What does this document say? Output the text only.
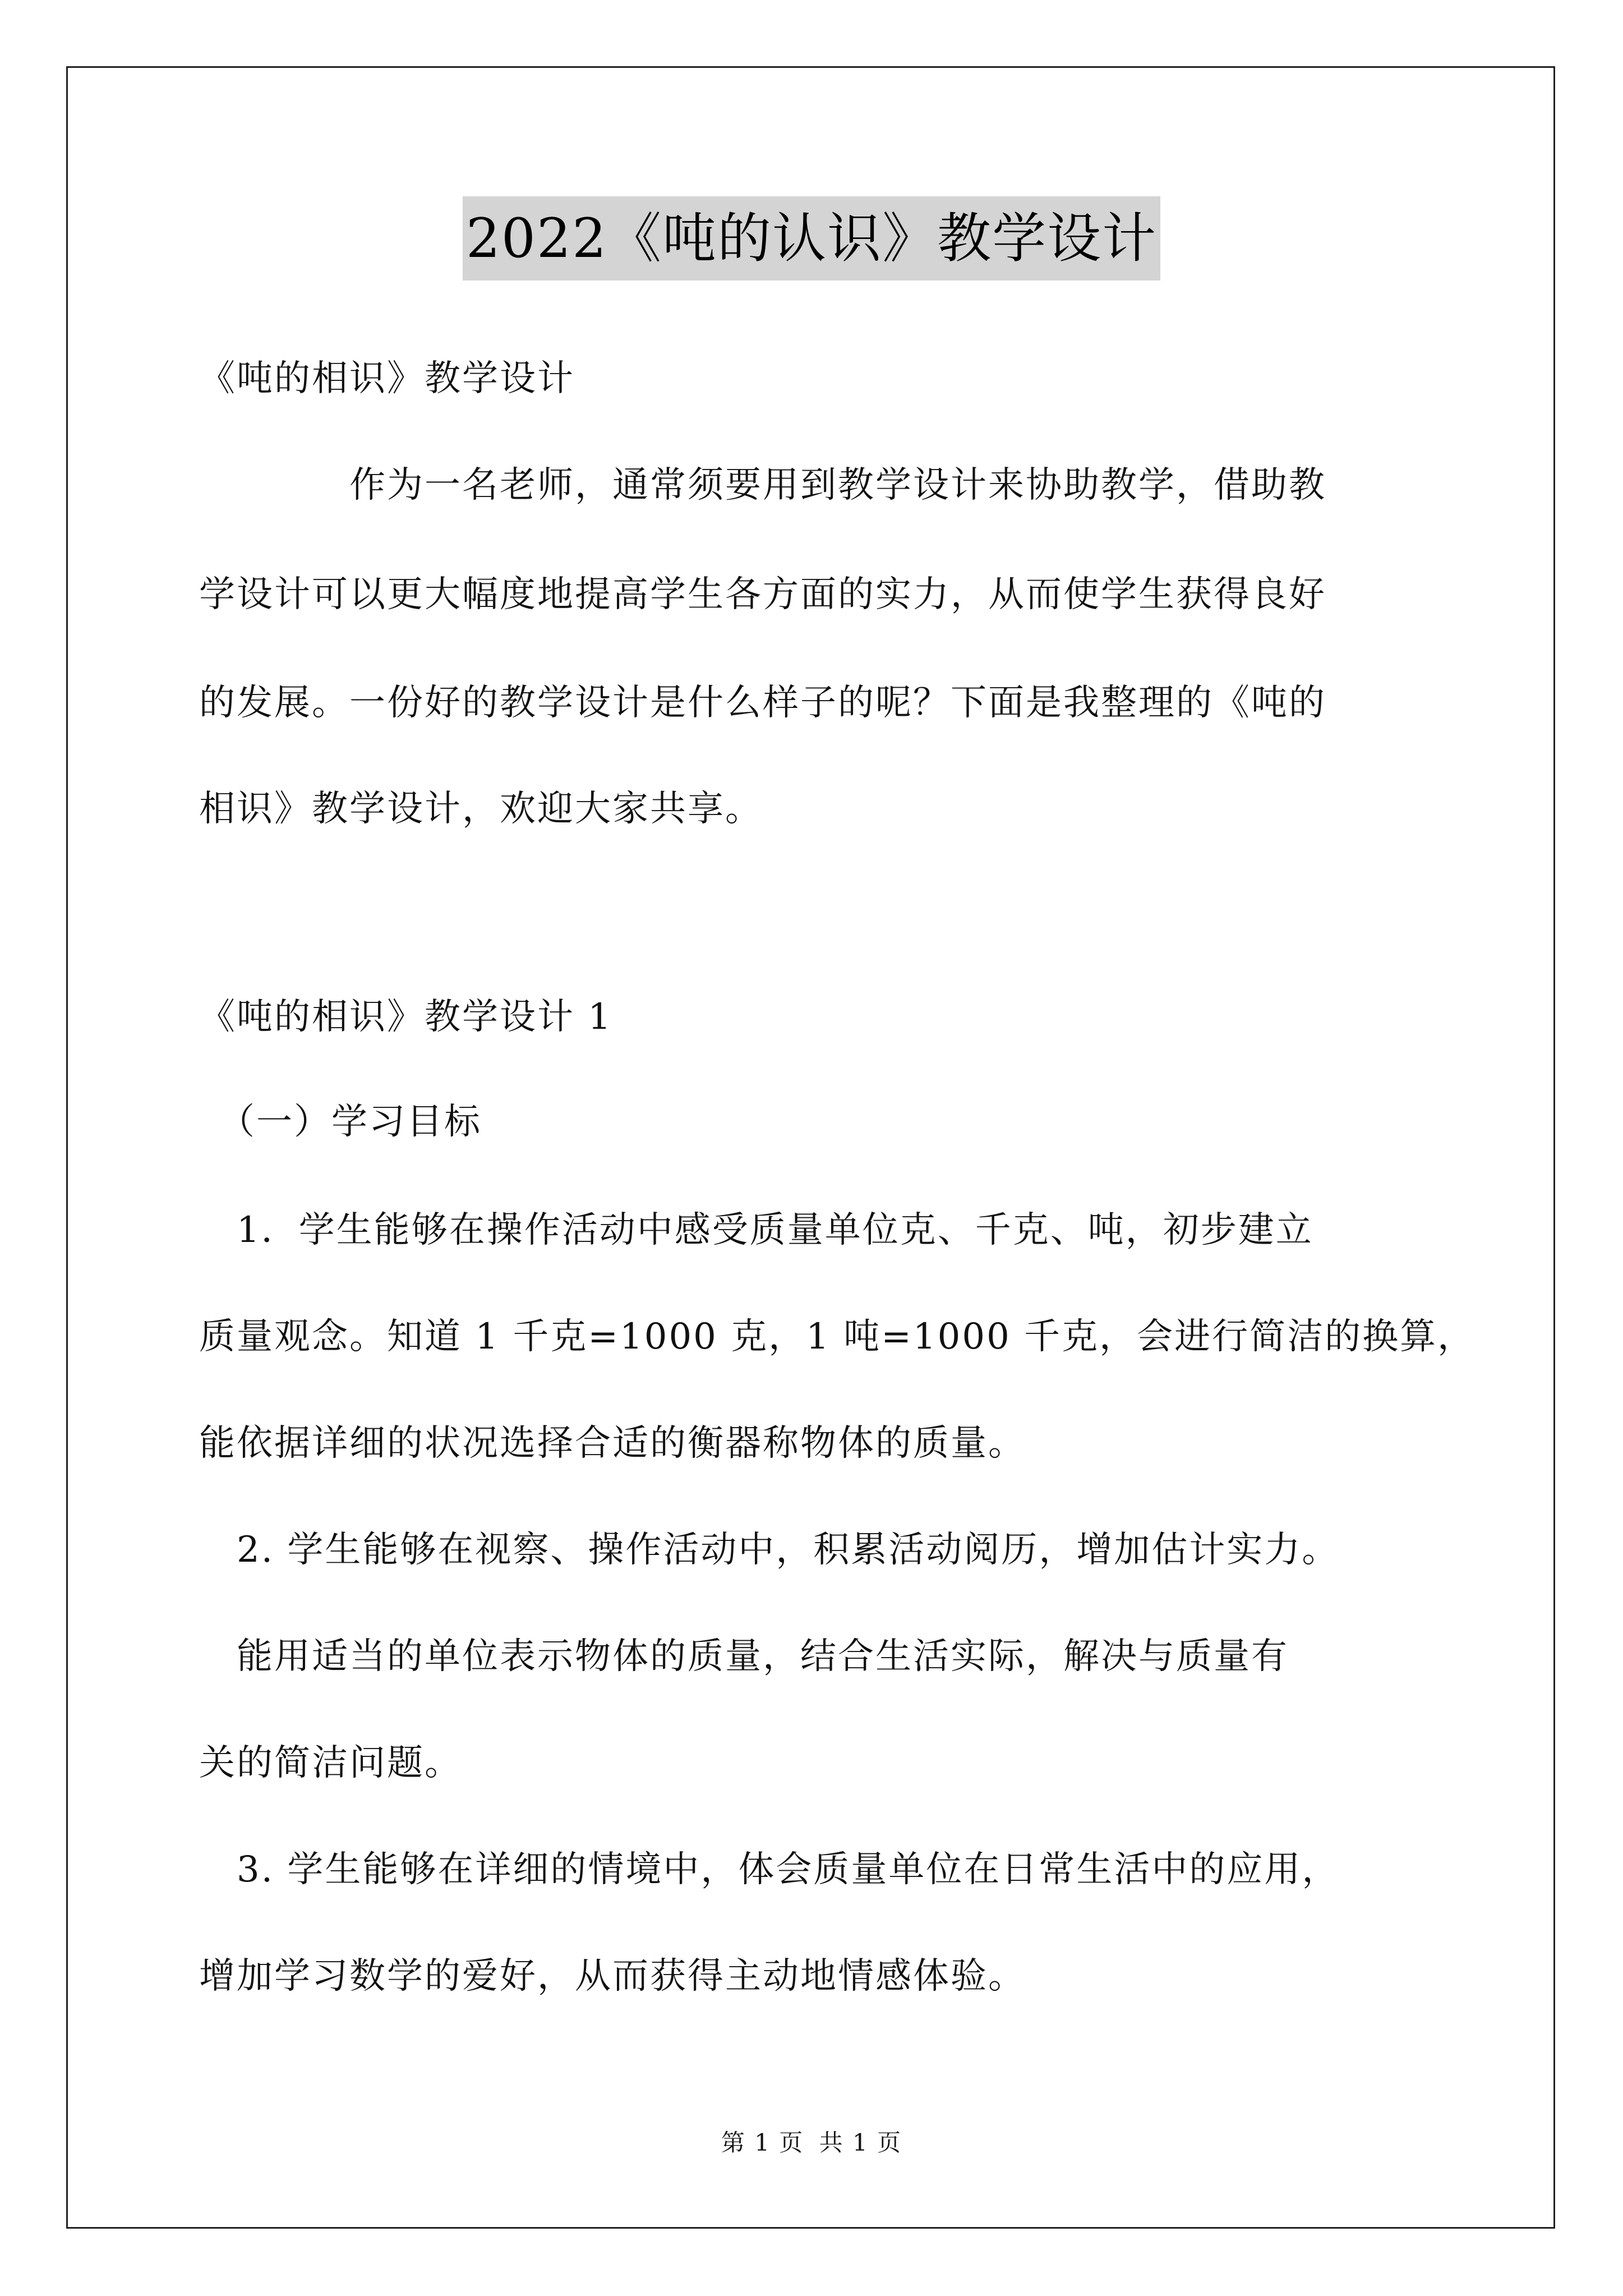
2022《吨的认识》教学设计
《吨的相识》教学设计
　　　　作为一名老师，通常须要用到教学设计来协助教学，借助教
学设计可以更大幅度地提高学生各方面的实力，从而使学生获得良好
的发展。一份好的教学设计是什么样子的呢？下面是我整理的《吨的
相识》教学设计，欢迎大家共享。
《吨的相识》教学设计 1
　（一）学习目标
　1．学生能够在操作活动中感受质量单位克、千克、吨，初步建立
质量观念。知道 1 千克=1000 克，1 吨=1000 千克，会进行简洁的换算，
能依据详细的状况选择合适的衡器称物体的质量。
　2. 学生能够在视察、操作活动中，积累活动阅历，增加估计实力。
　能用适当的单位表示物体的质量，结合生活实际，解决与质量有
关的简洁问题。
　3. 学生能够在详细的情境中，体会质量单位在日常生活中的应用，
增加学习数学的爱好，从而获得主动地情感体验。
第 1 页 共 1 页
